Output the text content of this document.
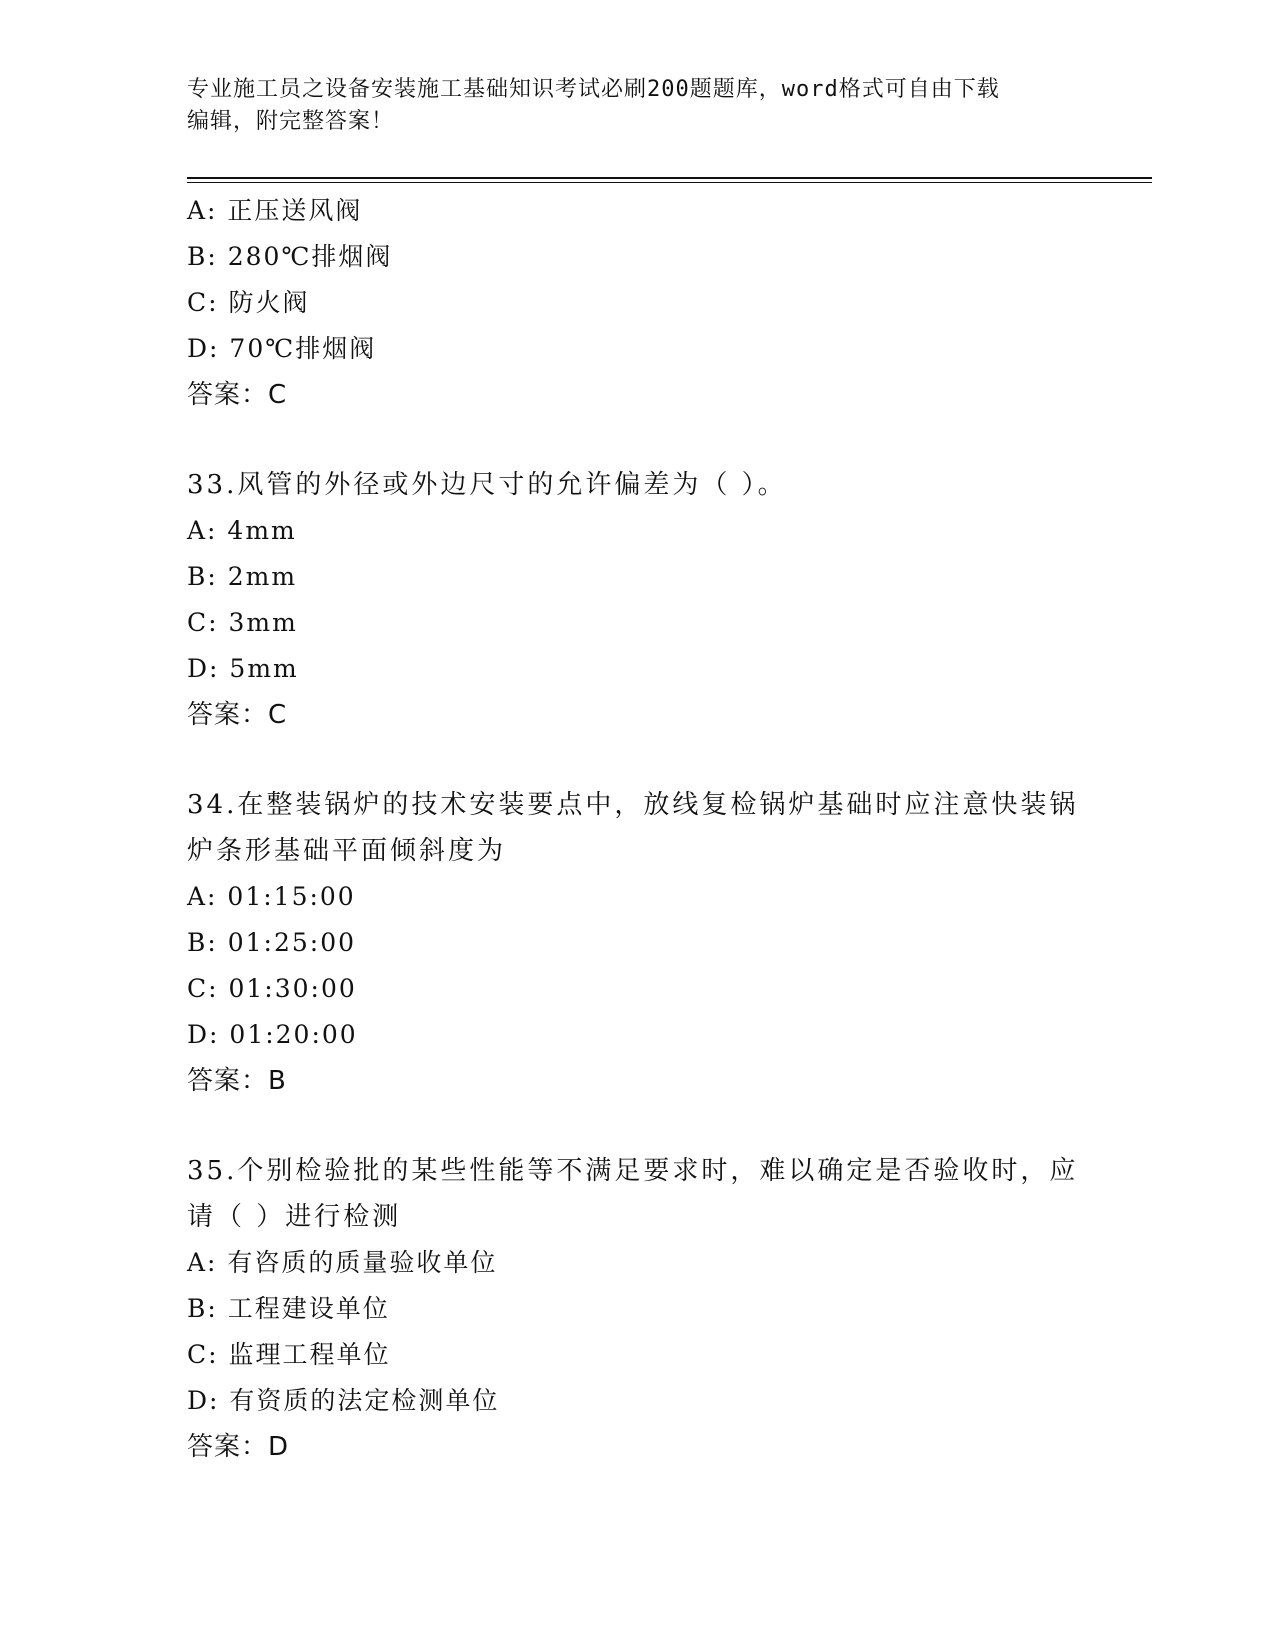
专业施工员之设备安装施工基础知识考试必刷200题题库，word格式可自由下载
编辑，附完整答案！
A: 正压送风阀
B: 280℃排烟阀
C: 防火阀
D: 70℃排烟阀
答案：C
33.风管的外径或外边尺寸的允许偏差为（ ）。
A: 4mm
B: 2mm
C: 3mm
D: 5mm
答案：C
34.在整装锅炉的技术安装要点中，放线复检锅炉基础时应注意快装锅
炉条形基础平面倾斜度为
A: 01:15:00
B: 01:25:00
C: 01:30:00
D: 01:20:00
答案：B
35.个别检验批的某些性能等不满足要求时，难以确定是否验收时，应
请（ ）进行检测
A: 有咨质的质量验收单位
B: 工程建设单位
C: 监理工程单位
D: 有资质的法定检测单位
答案：D
